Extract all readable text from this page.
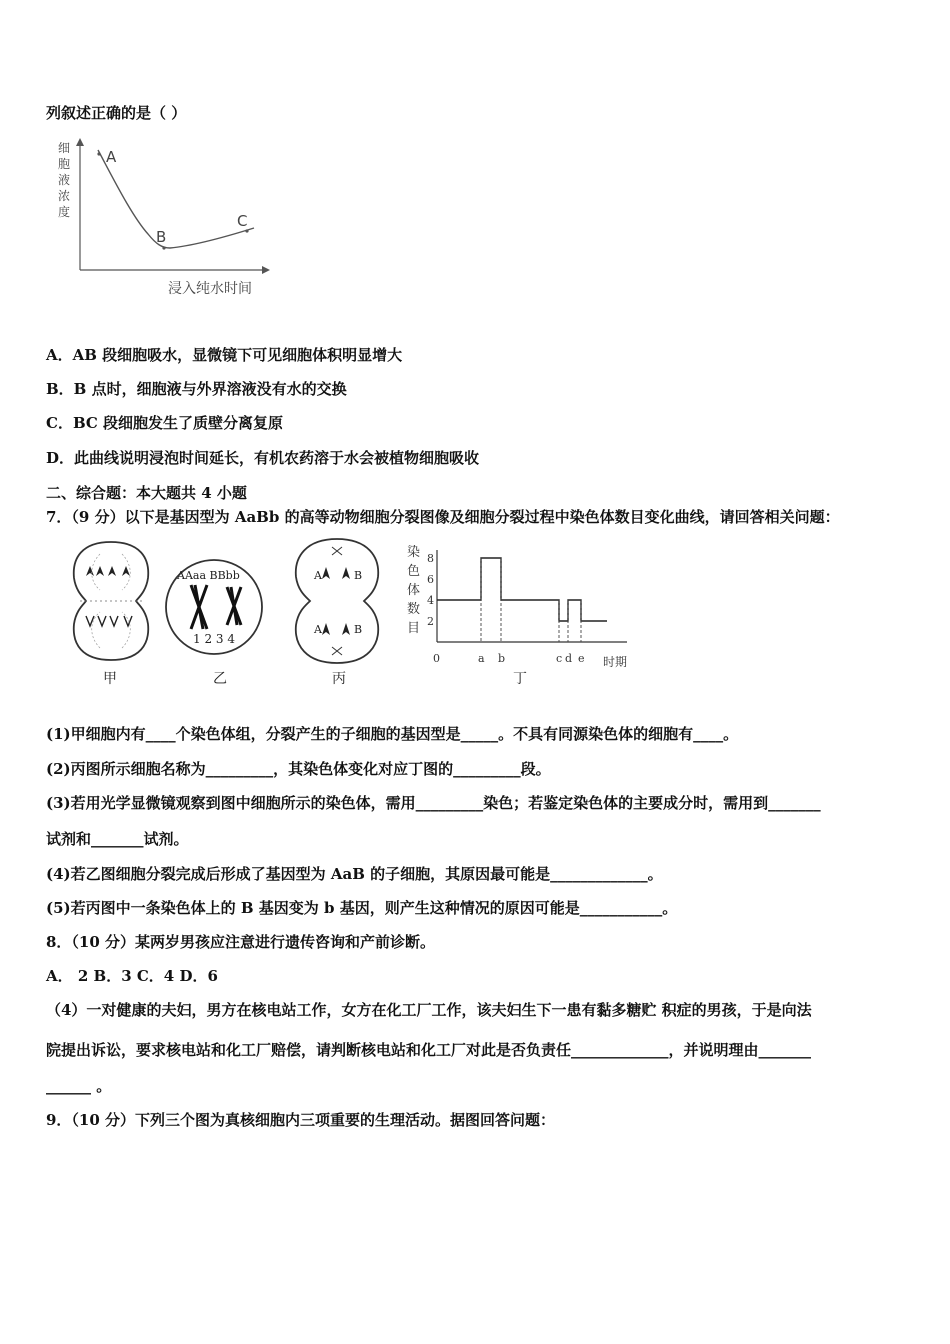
列叙述正确的是（ ）
细
胞
液
浓
度
A
B
C
浸入纯水时间
A．AB 段细胞吸水，显微镜下可见细胞体积明显增大
B．B 点时，细胞液与外界溶液没有水的交换
C．BC 段细胞发生了质壁分离复原
D．此曲线说明浸泡时间延长，有机农药溶于水会被植物细胞吸收
二、综合题：本大题共 4 小题
7．（9 分）以下是基因型为 AaBb 的高等动物细胞分裂图像及细胞分裂过程中染色体数目变化曲线，请回答相关问题：
AAaa BBbb
1 2 3 4
A	B
A	B
染
色
体
数
目
8
6
4
2
a b	c d e
0	时期
甲	乙	丙	丁
(1)甲细胞内有____个染色体组，分裂产生的子细胞的基因型是_____。不具有同源染色体的细胞有____。
(2)丙图所示细胞名称为_________，其染色体变化对应丁图的_________段。
(3)若用光学显微镜观察到图中细胞所示的染色体，需用_________染色；若鉴定染色体的主要成分时，需用到_______
试剂和_______试剂。
(4)若乙图细胞分裂完成后形成了基因型为 AaB 的子细胞，其原因最可能是_____________。
(5)若丙图中一条染色体上的 B 基因变为 b 基因，则产生这种情况的原因可能是___________。
8．（10 分）某两岁男孩应注意进行遗传咨询和产前诊断。
A． 2 B．3 C．4 D．6
（4）一对健康的夫妇，男方在核电站工作，女方在化工厂工作，该夫妇生下一患有黏多糖贮 积症的男孩，于是向法
院提出诉讼，要求核电站和化工厂赔偿，请判断核电站和化工厂对此是否负责任_____________，并说明理由_______
______ 。
9．（10 分）下列三个图为真核细胞内三项重要的生理活动。据图回答问题：
